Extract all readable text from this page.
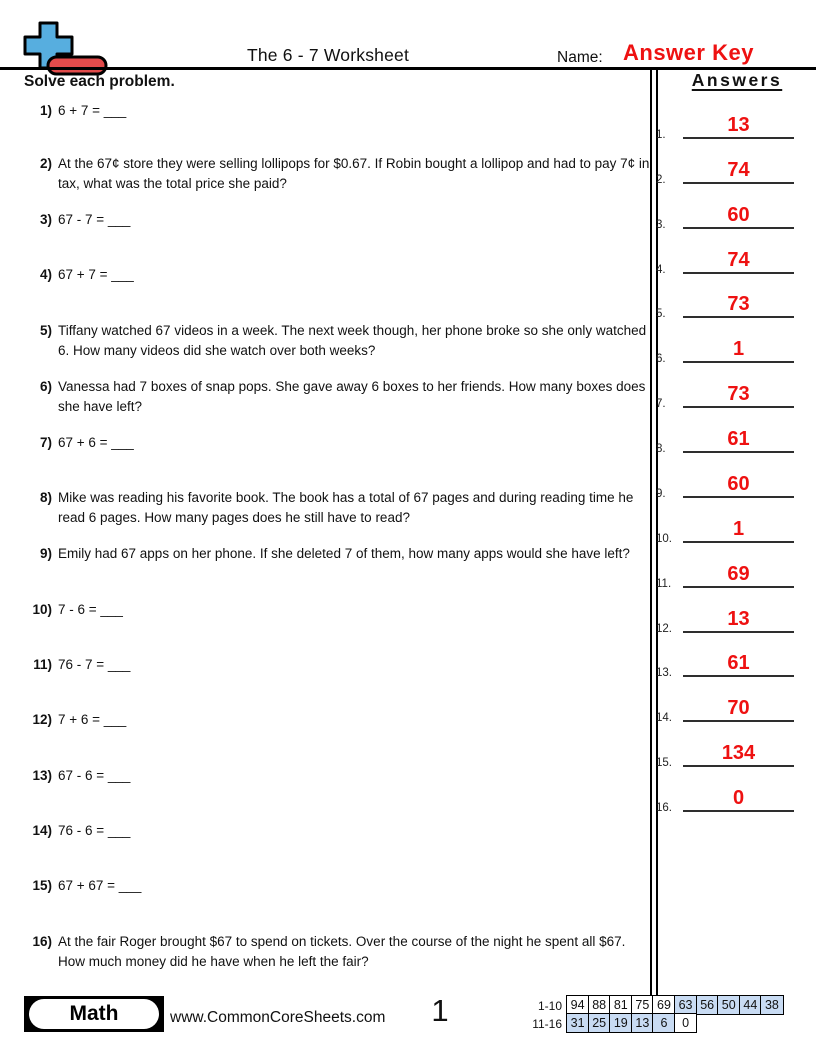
The 6 - 7 Worksheet	Name: Answer Key
Solve each problem.
1) 6 + 7 = ___
2) At the 67¢ store they were selling lollipops for $0.67. If Robin bought a lollipop and had to pay 7¢ in tax, what was the total price she paid?
3) 67 - 7 = ___
4) 67 + 7 = ___
5) Tiffany watched 67 videos in a week. The next week though, her phone broke so she only watched 6. How many videos did she watch over both weeks?
6) Vanessa had 7 boxes of snap pops. She gave away 6 boxes to her friends. How many boxes does she have left?
7) 67 + 6 = ___
8) Mike was reading his favorite book. The book has a total of 67 pages and during reading time he read 6 pages. How many pages does he still have to read?
9) Emily had 67 apps on her phone. If she deleted 7 of them, how many apps would she have left?
10) 7 - 6 = ___
11) 76 - 7 = ___
12) 7 + 6 = ___
13) 67 - 6 = ___
14) 76 - 6 = ___
15) 67 + 67 = ___
16) At the fair Roger brought $67 to spend on tickets. Over the course of the night he spent all $67. How much money did he have when he left the fair?
Answers
1.	13
2.	74
3.	60
4.	74
5.	73
6.	1
7.	73
8.	61
9.	60
10.	1
11.	69
12.	13
13.	61
14.	70
15.	134
16.	0
Math	www.CommonCoreSheets.com	1	1-10 94 88 81 75 69 63 56 50 44 38
11-16 31 25 19 13 6	0
